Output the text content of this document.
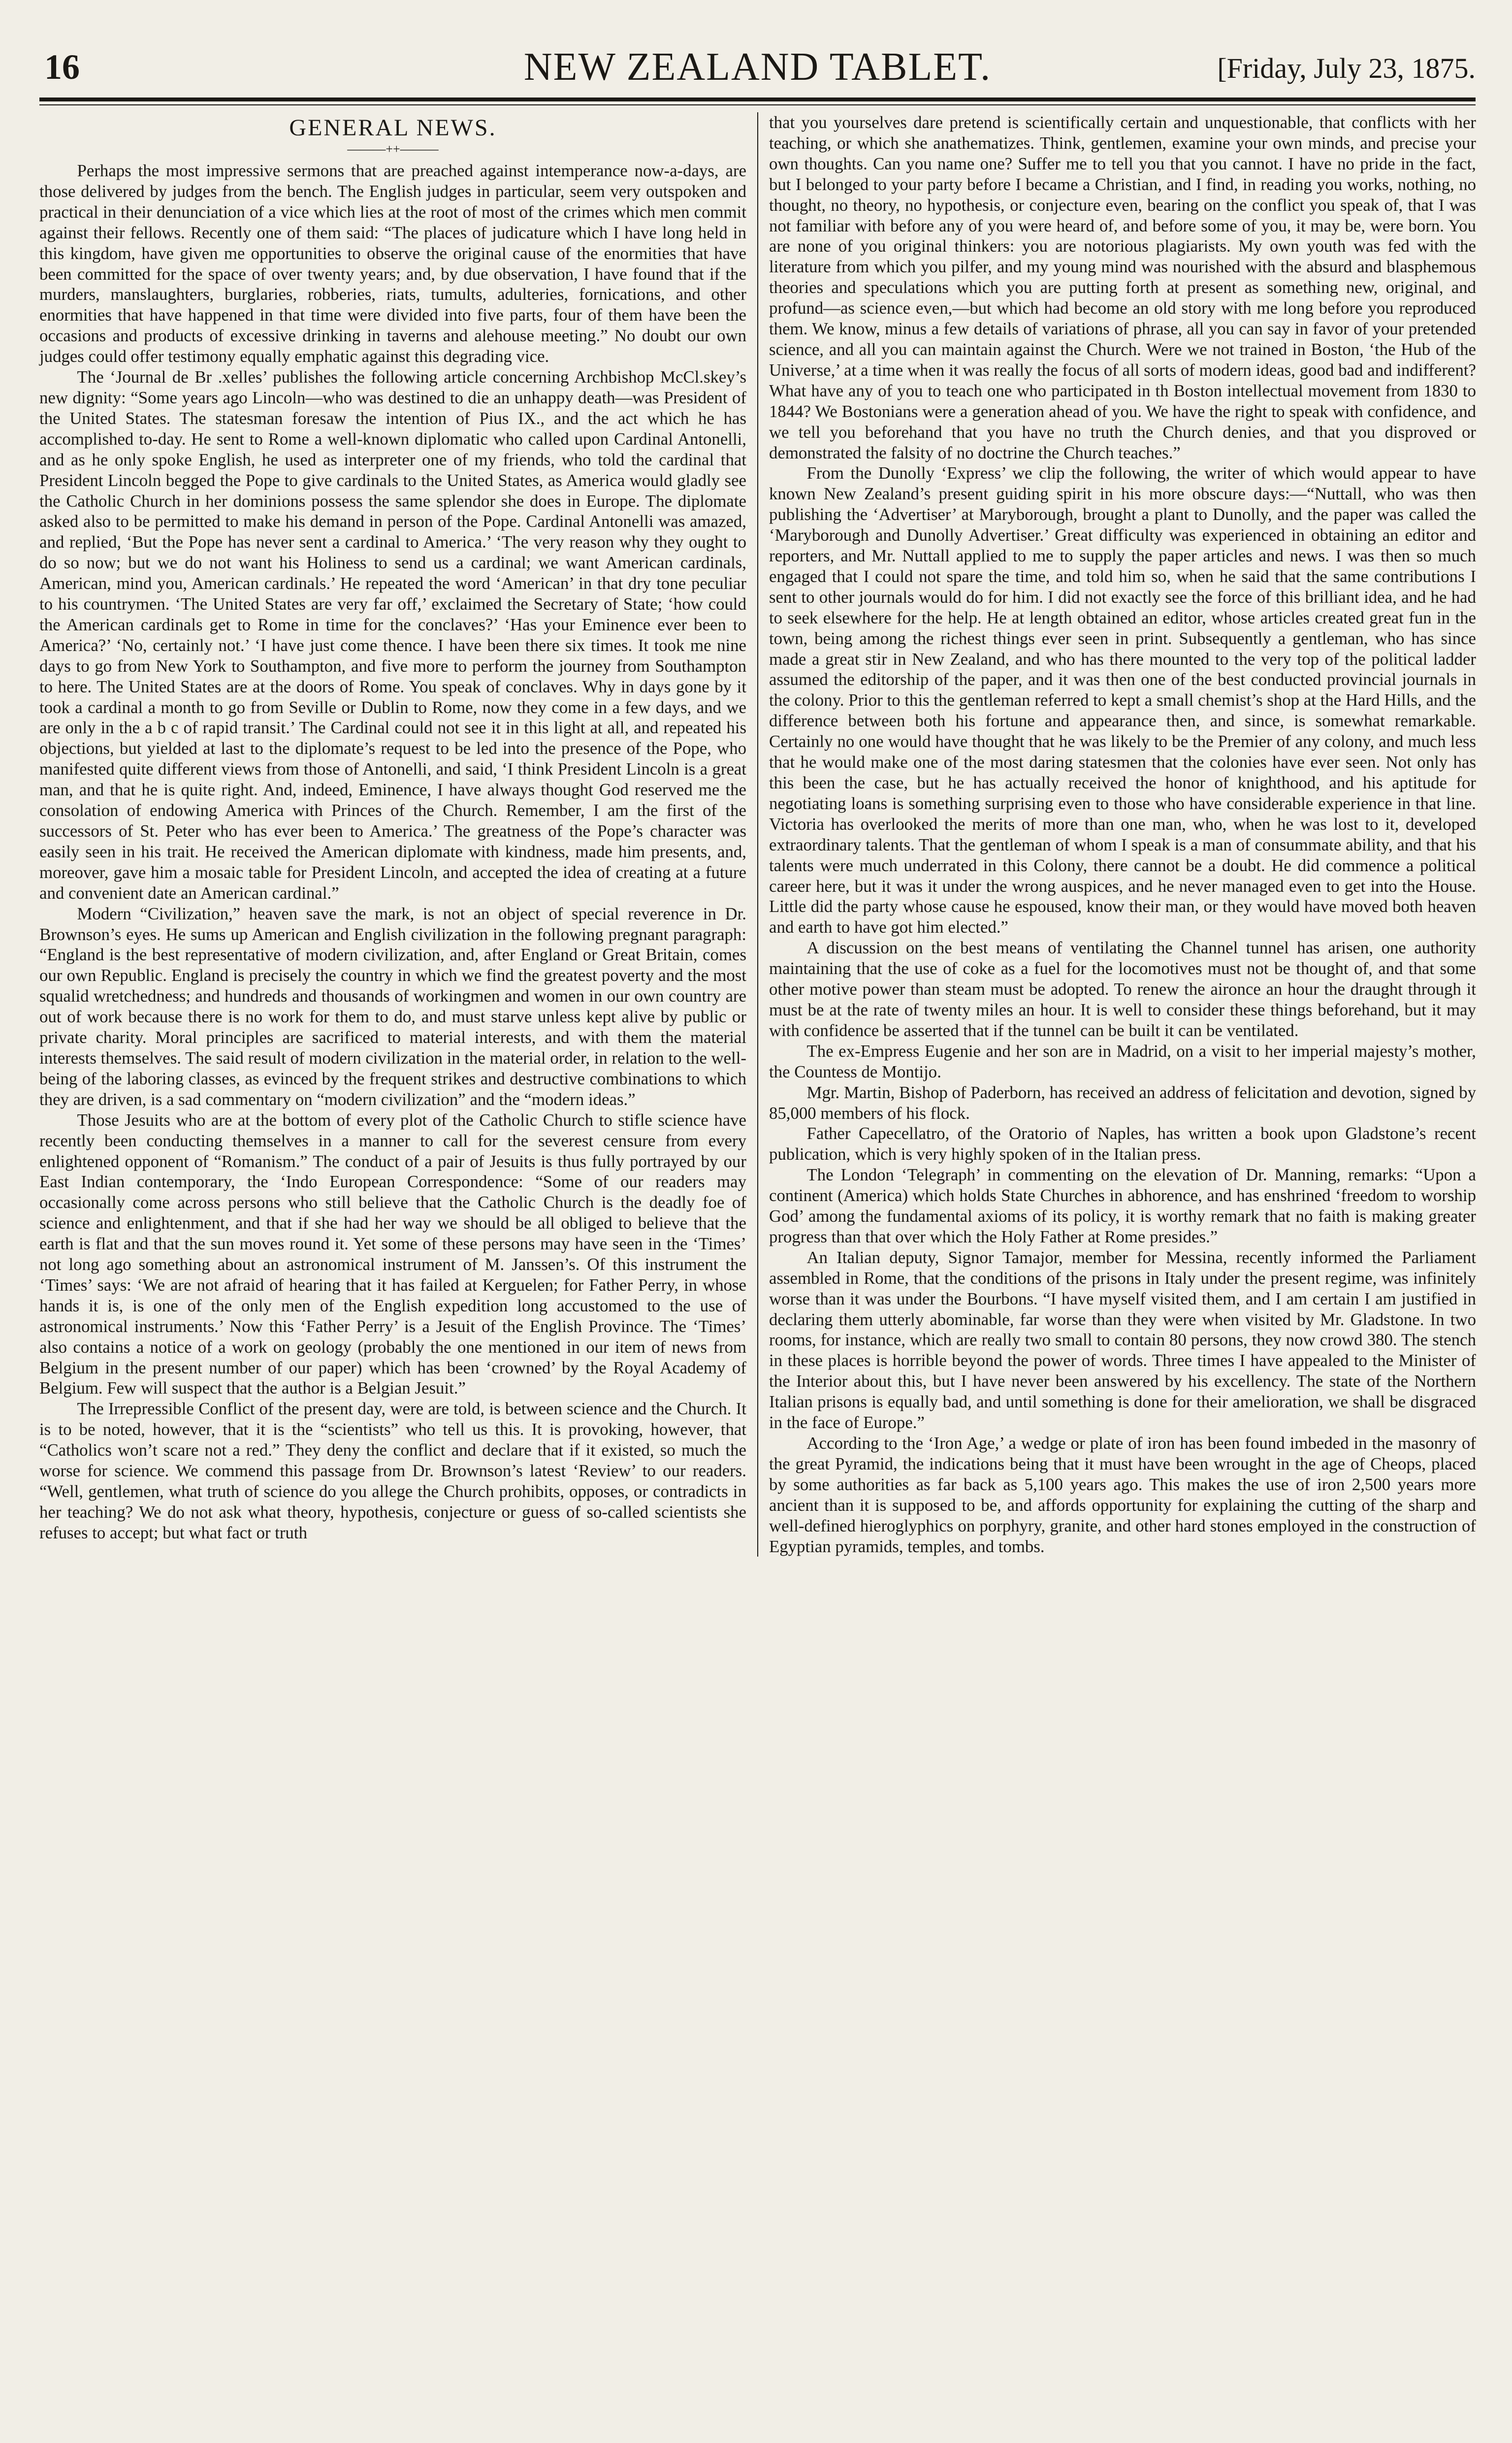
16	NEW ZEALAND TABLET.	[Friday, July 23, 1875.
GENERAL NEWS.
———++———

Perhaps the most impressive sermons that are preached against intemperance now-a-days, are those delivered by judges from the bench. The English judges in particular, seem very outspoken and practical in their denunciation of a vice which lies at the root of most of the crimes which men commit against their fellows. Recently one of them said: “The places of judicature which I have long held in this kingdom, have given me opportunities to observe the original cause of the enormities that have been committed for the space of over twenty years; and, by due observation, I have found that if the murders, manslaughters, burglaries, robberies, riats, tumults, adulteries, fornications, and other enormities that have happened in that time were divided into five parts, four of them have been the occasions and products of excessive drinking in taverns and alehouse meeting.” No doubt our own judges could offer testimony equally emphatic against this degrading vice.

The ‘Journal de Br .xelles’ publishes the following article concerning Archbishop McCl.skey’s new dignity: “Some years ago Lincoln—who was destined to die an unhappy death—was President of the United States. The statesman foresaw the intention of Pius IX., and the act which he has accomplished to-day. He sent to Rome a well-known diplomatic who called upon Cardinal Antonelli, and as he only spoke English, he used as interpreter one of my friends, who told the cardinal that President Lincoln begged the Pope to give cardinals to the United States, as America would gladly see the Catholic Church in her dominions possess the same splendor she does in Europe. The diplomate asked also to be permitted to make his demand in person of the Pope. Cardinal Antonelli was amazed, and replied, ‘But the Pope has never sent a cardinal to America.’ ‘The very reason why they ought to do so now; but we do not want his Holiness to send us a cardinal; we want American cardinals, American, mind you, American cardinals.’ He repeated the word ‘American’ in that dry tone peculiar to his countrymen. ‘The United States are very far off,’ exclaimed the Secretary of State; ‘how could the American cardinals get to Rome in time for the conclaves?’ ‘Has your Eminence ever been to America?’ ‘No, certainly not.’ ‘I have just come thence. I have been there six times. It took me nine days to go from New York to Southampton, and five more to perform the journey from Southampton to here. The United States are at the doors of Rome. You speak of conclaves. Why in days gone by it took a cardinal a month to go from Seville or Dublin to Rome, now they come in a few days, and we are only in the a b c of rapid transit.’ The Cardinal could not see it in this light at all, and repeated his objections, but yielded at last to the diplomate’s request to be led into the presence of the Pope, who manifested quite different views from those of Antonelli, and said, ‘I think President Lincoln is a great man, and that he is quite right. And, indeed, Eminence, I have always thought God reserved me the consolation of endowing America with Princes of the Church. Remember, I am the first of the successors of St. Peter who has ever been to America.’ The greatness of the Pope’s character was easily seen in his trait. He received the American diplomate with kindness, made him presents, and, moreover, gave him a mosaic table for President Lincoln, and accepted the idea of creating at a future and convenient date an American cardinal.”

Modern “Civilization,” heaven save the mark, is not an object of special reverence in Dr. Brownson’s eyes. He sums up American and English civilization in the following pregnant paragraph: “England is the best representative of modern civilization, and, after England or Great Britain, comes our own Republic. England is precisely the country in which we find the greatest poverty and the most squalid wretchedness; and hundreds and thousands of workingmen and women in our own country are out of work because there is no work for them to do, and must starve unless kept alive by public or private charity. Moral principles are sacrificed to material interests, and with them the material interests themselves. The said result of modern civilization in the material order, in relation to the well-being of the laboring classes, as evinced by the frequent strikes and destructive combinations to which they are driven, is a sad commentary on “modern civilization” and the “modern ideas.”

Those Jesuits who are at the bottom of every plot of the Catholic Church to stifle science have recently been conducting themselves in a manner to call for the severest censure from every enlightened opponent of “Romanism.” The conduct of a pair of Jesuits is thus fully portrayed by our East Indian contemporary, the ‘Indo European Correspondence: “Some of our readers may occasionally come across persons who still believe that the Catholic Church is the deadly foe of science and enlightenment, and that if she had her way we should be all obliged to believe that the earth is flat and that the sun moves round it. Yet some of these persons may have seen in the ‘Times’ not long ago something about an astronomical instrument of M. Janssen’s. Of this instrument the ‘Times’ says: ‘We are not afraid of hearing that it has failed at Kerguelen; for Father Perry, in whose hands it is, is one of the only men of the English expedition long accustomed to the use of astronomical instruments.’ Now this ‘Father Perry’ is a Jesuit of the English Province. The ‘Times’ also contains a notice of a work on geology (probably the one mentioned in our item of news from Belgium in the present number of our paper) which has been ‘crowned’ by the Royal Academy of Belgium. Few will suspect that the author is a Belgian Jesuit.”

The Irrepressible Conflict of the present day, were are told, is between science and the Church. It is to be noted, however, that it is the “scientists” who tell us this. It is provoking, however, that “Catholics won’t scare not a red.” They deny the conflict and declare that if it existed, so much the worse for science. We commend this passage from Dr. Brownson’s latest ‘Review’ to our readers. “Well, gentlemen, what truth of science do you allege the Church prohibits, opposes, or contradicts in her teaching? We do not ask what theory, hypothesis, conjecture or guess of so-called scientists she refuses to accept; but what fact or truth

that you yourselves dare pretend is scientifically certain and unquestionable, that conflicts with her teaching, or which she anathematizes. Think, gentlemen, examine your own minds, and precise your own thoughts. Can you name one? Suffer me to tell you that you cannot. I have no pride in the fact, but I belonged to your party before I became a Christian, and I find, in reading you works, nothing, no thought, no theory, no hypothesis, or conjecture even, bearing on the conflict you speak of, that I was not familiar with before any of you were heard of, and before some of you, it may be, were born. You are none of you original thinkers: you are notorious plagiarists. My own youth was fed with the literature from which you pilfer, and my young mind was nourished with the absurd and blasphemous theories and speculations which you are putting forth at present as something new, original, and profund—as science even,—but which had become an old story with me long before you reproduced them. We know, minus a few details of variations of phrase, all you can say in favor of your pretended science, and all you can maintain against the Church. Were we not trained in Boston, ‘the Hub of the Universe,’ at a time when it was really the focus of all sorts of modern ideas, good bad and indifferent? What have any of you to teach one who participated in th Boston intellectual movement from 1830 to 1844? We Bostonians were a generation ahead of you. We have the right to speak with confidence, and we tell you beforehand that you have no truth the Church denies, and that you disproved or demonstrated the falsity of no doctrine the Church teaches.”

From the Dunolly ‘Express’ we clip the following, the writer of which would appear to have known New Zealand’s present guiding spirit in his more obscure days:—“Nuttall, who was then publishing the ‘Advertiser’ at Maryborough, brought a plant to Dunolly, and the paper was called the ‘Maryborough and Dunolly Advertiser.’ Great difficulty was experienced in obtaining an editor and reporters, and Mr. Nuttall applied to me to supply the paper articles and news. I was then so much engaged that I could not spare the time, and told him so, when he said that the same contributions I sent to other journals would do for him. I did not exactly see the force of this brilliant idea, and he had to seek elsewhere for the help. He at length obtained an editor, whose articles created great fun in the town, being among the richest things ever seen in print. Subsequently a gentleman, who has since made a great stir in New Zealand, and who has there mounted to the very top of the political ladder assumed the editorship of the paper, and it was then one of the best conducted provincial journals in the colony. Prior to this the gentleman referred to kept a small chemist’s shop at the Hard Hills, and the difference between both his fortune and appearance then, and since, is somewhat remarkable. Certainly no one would have thought that he was likely to be the Premier of any colony, and much less that he would make one of the most daring statesmen that the colonies have ever seen. Not only has this been the case, but he has actually received the honor of knighthood, and his aptitude for negotiating loans is something surprising even to those who have considerable experience in that line. Victoria has overlooked the merits of more than one man, who, when he was lost to it, developed extraordinary talents. That the gentleman of whom I speak is a man of consummate ability, and that his talents were much underrated in this Colony, there cannot be a doubt. He did commence a political career here, but it was it under the wrong auspices, and he never managed even to get into the House. Little did the party whose cause he espoused, know their man, or they would have moved both heaven and earth to have got him elected.”

A discussion on the best means of ventilating the Channel tunnel has arisen, one authority maintaining that the use of coke as a fuel for the locomotives must not be thought of, and that some other motive power than steam must be adopted. To renew the aironce an hour the draught through it must be at the rate of twenty miles an hour. It is well to consider these things beforehand, but it may with confidence be asserted that if the tunnel can be built it can be ventilated.

The ex-Empress Eugenie and her son are in Madrid, on a visit to her imperial majesty’s mother, the Countess de Montijo.

Mgr. Martin, Bishop of Paderborn, has received an address of felicitation and devotion, signed by 85,000 members of his flock.

Father Capecellatro, of the Oratorio of Naples, has written a book upon Gladstone’s recent publication, which is very highly spoken of in the Italian press.

The London ‘Telegraph’ in commenting on the elevation of Dr. Manning, remarks: “Upon a continent (America) which holds State Churches in abhorence, and has enshrined ‘freedom to worship God’ among the fundamental axioms of its policy, it is worthy remark that no faith is making greater progress than that over which the Holy Father at Rome presides.”

An Italian deputy, Signor Tamajor, member for Messina, recently informed the Parliament assembled in Rome, that the conditions of the prisons in Italy under the present regime, was infinitely worse than it was under the Bourbons. “I have myself visited them, and I am certain I am justified in declaring them utterly abominable, far worse than they were when visited by Mr. Gladstone. In two rooms, for instance, which are really two small to contain 80 persons, they now crowd 380. The stench in these places is horrible beyond the power of words. Three times I have appealed to the Minister of the Interior about this, but I have never been answered by his excellency. The state of the Northern Italian prisons is equally bad, and until something is done for their amelioration, we shall be disgraced in the face of Europe.”

According to the ‘Iron Age,’ a wedge or plate of iron has been found imbeded in the masonry of the great Pyramid, the indications being that it must have been wrought in the age of Cheops, placed by some authorities as far back as 5,100 years ago. This makes the use of iron 2,500 years more ancient than it is supposed to be, and affords opportunity for explaining the cutting of the sharp and well-defined hieroglyphics on porphyry, granite, and other hard stones employed in the construction of Egyptian pyramids, temples, and tombs.
